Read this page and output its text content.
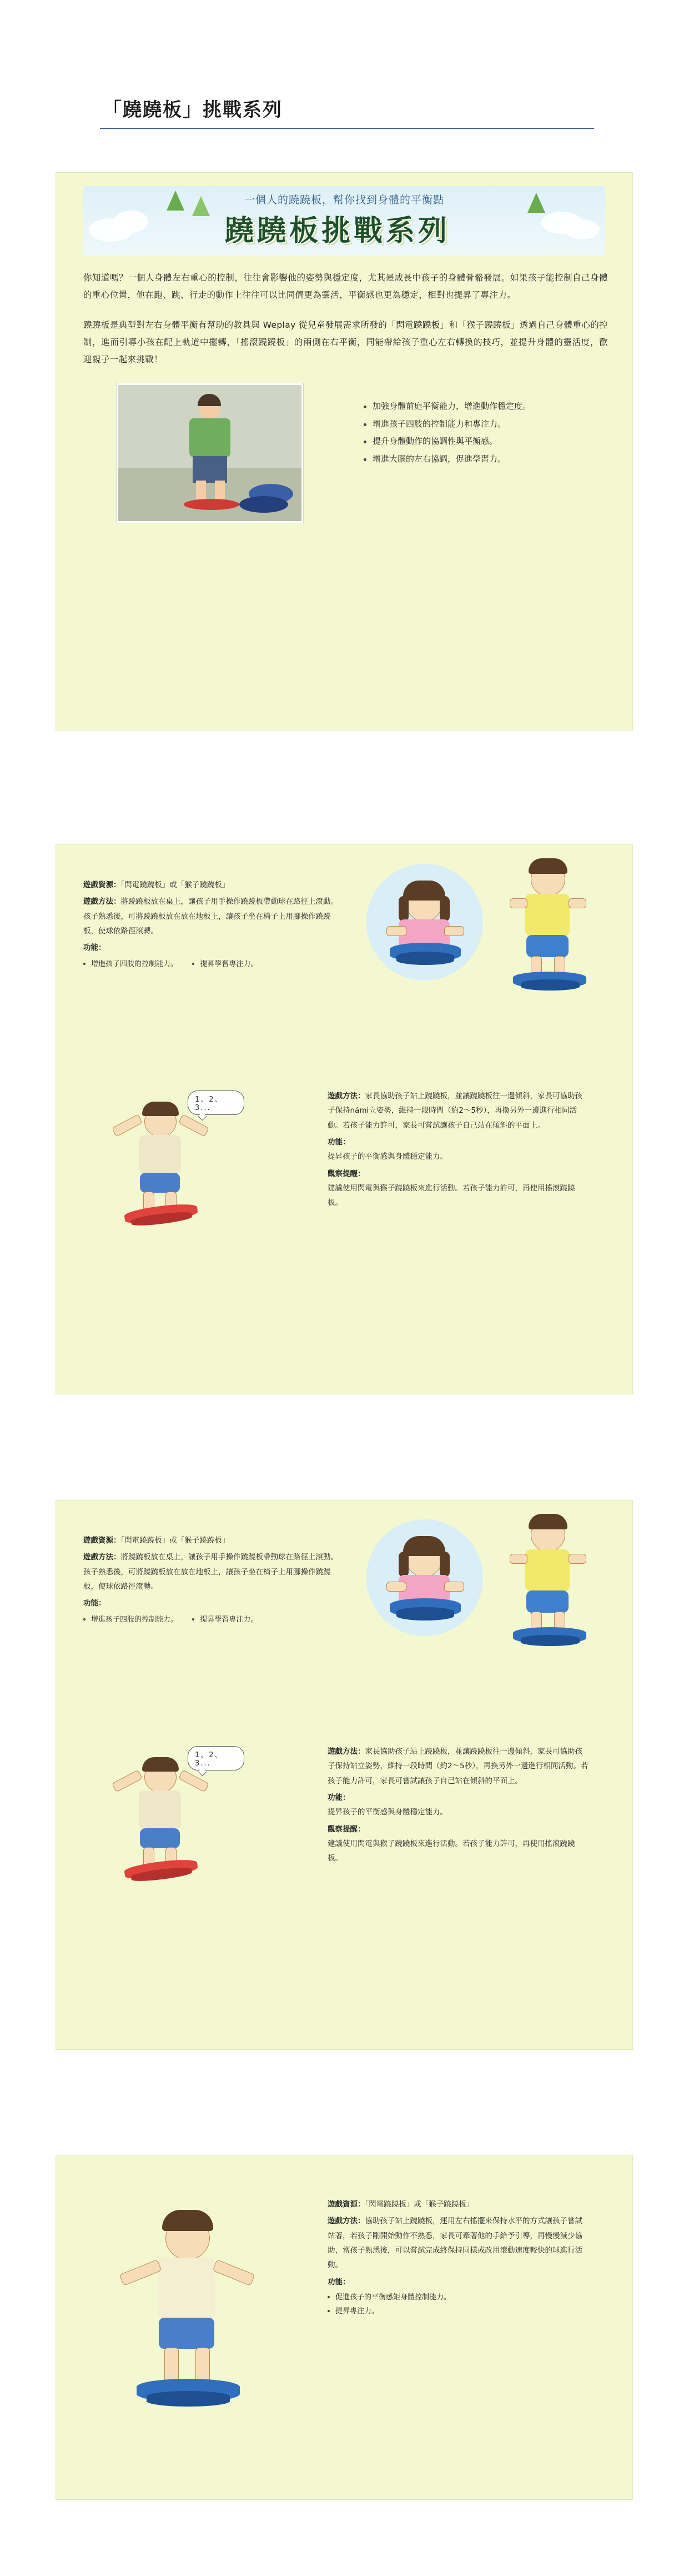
「蹺蹺板」挑戰系列
一個人的蹺蹺板，幫你找到身體的平衡點
蹺蹺板挑戰系列
你知道嗎？一個人身體左右重心的控制，往往會影響他的姿勢與穩定度，尤其是成長中孩子的身體骨骼發展。如果孩子能控制自己身體的重心位置，他在跑、跳、行走的動作上往往可以比同儕更為靈活，平衡感也更為穩定，相對也提昇了專注力。
蹺蹺板是典型對左右身體平衡有幫助的教具與 Weplay 從兒童發展需求所發的「閃電蹺蹺板」和「猴子蹺蹺板」透過自己身體重心的控制，進而引導小孩在配上軌道中擺轉，「搖滾蹺蹺板」的兩側在右平衡，同能帶給孩子重心左右轉換的技巧，並提升身體的靈活度，歡迎親子一起來挑戰！
加強身體前庭平衡能力，增進動作穩定度。
增進孩子四肢的控制能力和專注力。
提升身體動作的協調性與平衡感。
增進大腦的左右協調，促進學習力。

遊戲資源：「閃電蹺蹺板」或「猴子蹺蹺板」

遊戲方法：將蹺蹺板放在桌上，讓孩子用手操作蹺蹺板帶動球在路徑上滾動。孩子熟悉後，可將蹺蹺板放在放在地板上，讓孩子坐在椅子上用腳操作蹺蹺板，使球依路徑滾轉。

功能：

增進孩子四肢的控制能力。	提昇學習專注力。
1、2、3...

遊戲方法：家長協助孩子站上蹺蹺板，並讓蹺蹺板往一邊傾斜，家長可協助孩子保持námi立姿勢，維持一段時間（約2～5秒），再換另外一邊進行相同活動。若孩子能力許可，家長可嘗試讓孩子自己站在傾斜的平面上。

功能：

提昇孩子的平衡感與身體穩定能力。

觀察提醒：

建議使用閃電與猴子蹺蹺板來進行活動。若孩子能力許可，再使用搖滾蹺蹺板。

遊戲資源：「閃電蹺蹺板」或「猴子蹺蹺板」

遊戲方法：將蹺蹺板放在桌上，讓孩子用手操作蹺蹺板帶動球在路徑上滾動。孩子熟悉後，可將蹺蹺板放在放在地板上，讓孩子坐在椅子上用腳操作蹺蹺板，使球依路徑滾轉。

功能：

增進孩子四肢的控制能力。	提昇學習專注力。
1、2、3...

遊戲方法：家長協助孩子站上蹺蹺板，並讓蹺蹺板往一邊傾斜，家長可協助孩子保持站立姿勢，維持一段時間（約2～5秒），再換另外一邊進行相同活動。若孩子能力許可，家長可嘗試讓孩子自己站在傾斜的平面上。

功能：

提昇孩子的平衡感與身體穩定能力。

觀察提醒：

建議使用閃電與猴子蹺蹺板來進行活動。若孩子能力許可，再使用搖滾蹺蹺板。

遊戲資源：「閃電蹺蹺板」或「猴子蹺蹺板」

遊戲方法：協助孩子站上蹺蹺板，運用左右搖擺來保持水平的方式讓孩子嘗試站著，若孩子剛開始動作不熟悉，家長可牽著他的手給予引導，再慢慢減少協助，當孩子熟悉後，可以嘗試完成終保持同樣或改用滾動速度較快的球進行活動。

功能：

促進孩子的平衡感矩身體控制能力。
提昇專注力。
